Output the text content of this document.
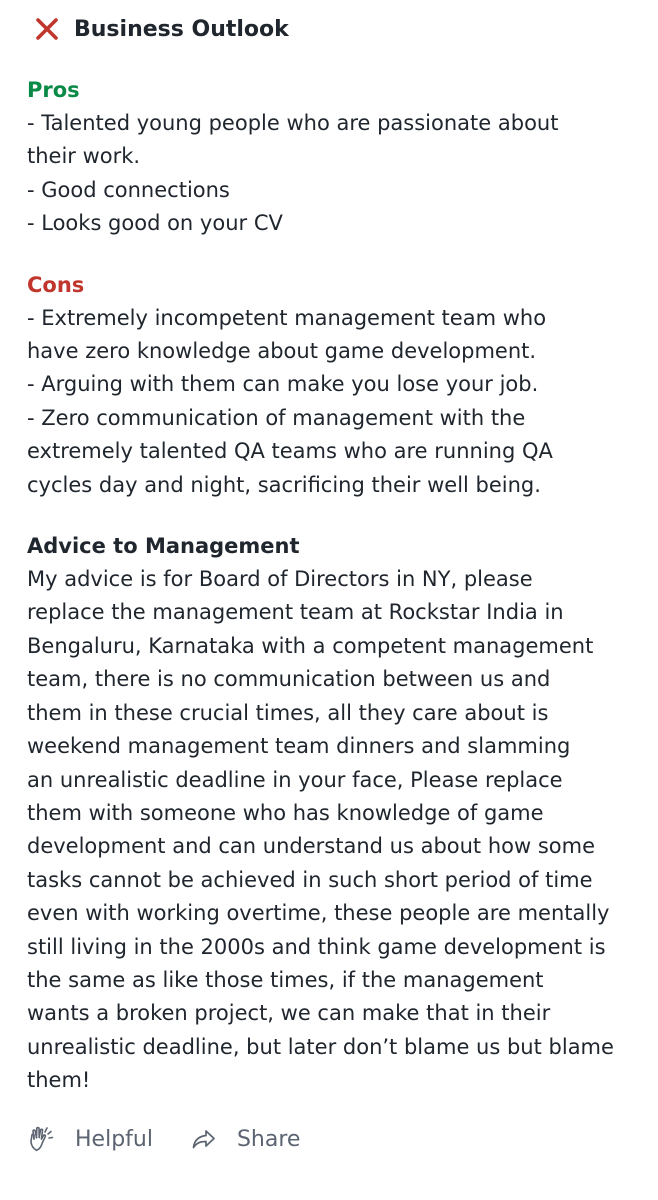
Business Outlook

Pros

- Talented young people who are passionate about

their work.

- Good connections

- Looks good on your CV

Cons

- Extremely incompetent management team who

have zero knowledge about game development.

- Arguing with them can make you lose your job.

- Zero communication of management with the

extremely talented QA teams who are running QA

cycles day and night, sacrificing their well being.

Advice to Management

My advice is for Board of Directors in NY, please

replace the management team at Rockstar India in

Bengaluru, Karnataka with a competent management

team, there is no communication between us and

them in these crucial times, all they care about is

weekend management team dinners and slamming

an unrealistic deadline in your face, Please replace

them with someone who has knowledge of game

development and can understand us about how some

tasks cannot be achieved in such short period of time

even with working overtime, these people are mentally

still living in the 2000s and think game development is

the same as like those times, if the management

wants a broken project, we can make that in their

unrealistic deadline, but later don’t blame us but blame

them!

Helpful	Share
